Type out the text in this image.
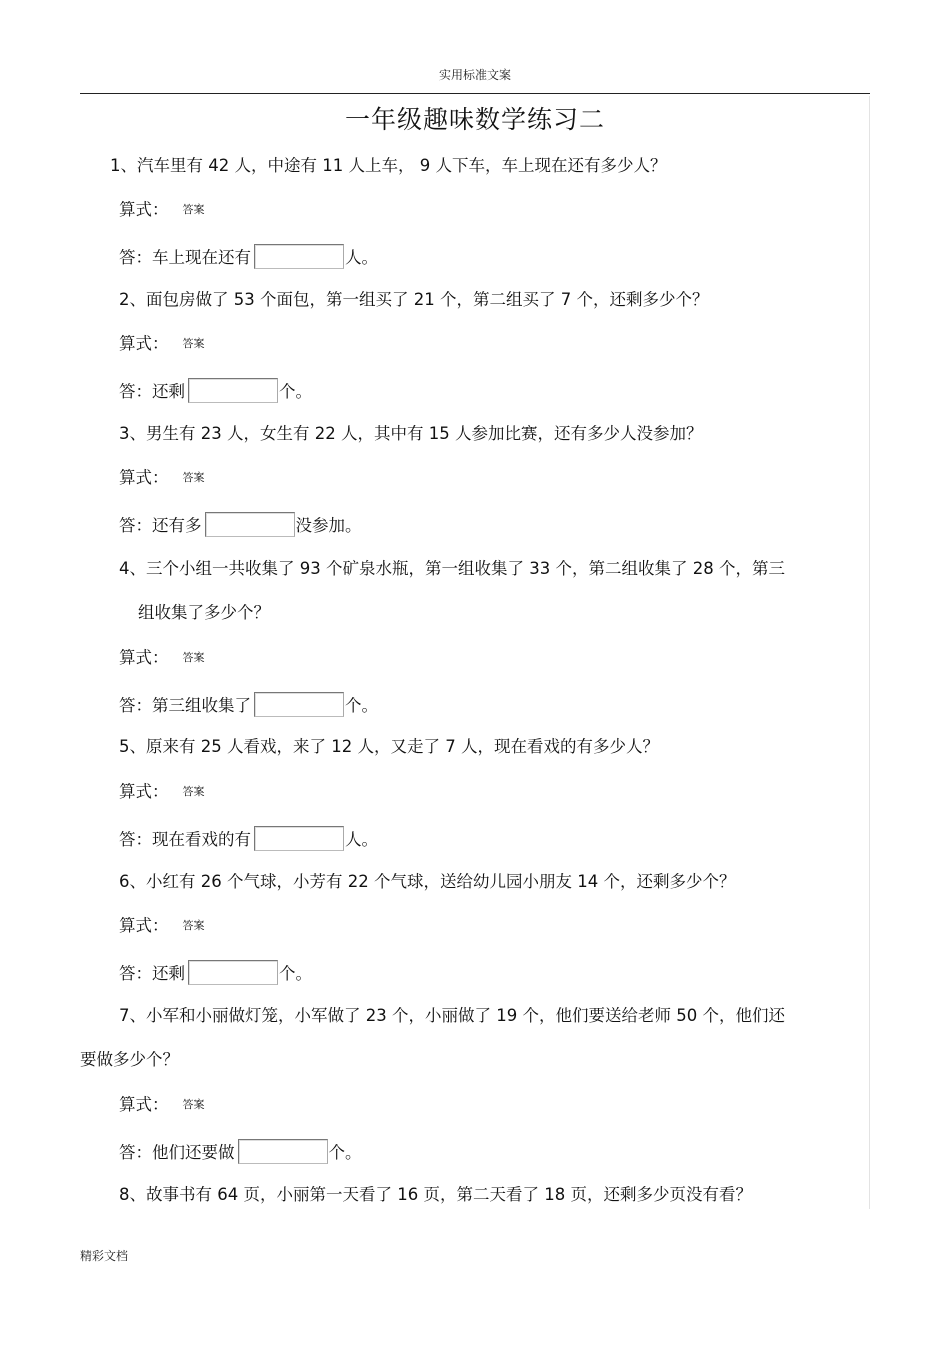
实用标准文案
一年级趣味数学练习二
1、汽车里有 42 人，中途有 11 人上车， 9 人下车，车上现在还有多少人？
算式： 答案
答：车上现在还有	人。
2、面包房做了 53 个面包，第一组买了 21 个，第二组买了 7 个，还剩多少个？
算式： 答案
答：还剩	个。
3、男生有 23 人，女生有 22 人，其中有 15 人参加比赛，还有多少人没参加？
算式： 答案
答：还有多	没参加。
4、三个小组一共收集了 93 个矿泉水瓶，第一组收集了 33 个，第二组收集了 28 个，第三
组收集了多少个？
算式： 答案
答：第三组收集了	个。
5、原来有 25 人看戏，来了 12 人，又走了 7 人，现在看戏的有多少人？
算式： 答案
答：现在看戏的有	人。
6、小红有 26 个气球，小芳有 22 个气球，送给幼儿园小朋友 14 个，还剩多少个？
算式： 答案
答：还剩	个。
7、小军和小丽做灯笼，小军做了 23 个，小丽做了 19 个，他们要送给老师 50 个，他们还
要做多少个？
算式： 答案
答：他们还要做	个。
8、故事书有 64 页，小丽第一天看了 16 页，第二天看了 18 页，还剩多少页没有看？
精彩文档
